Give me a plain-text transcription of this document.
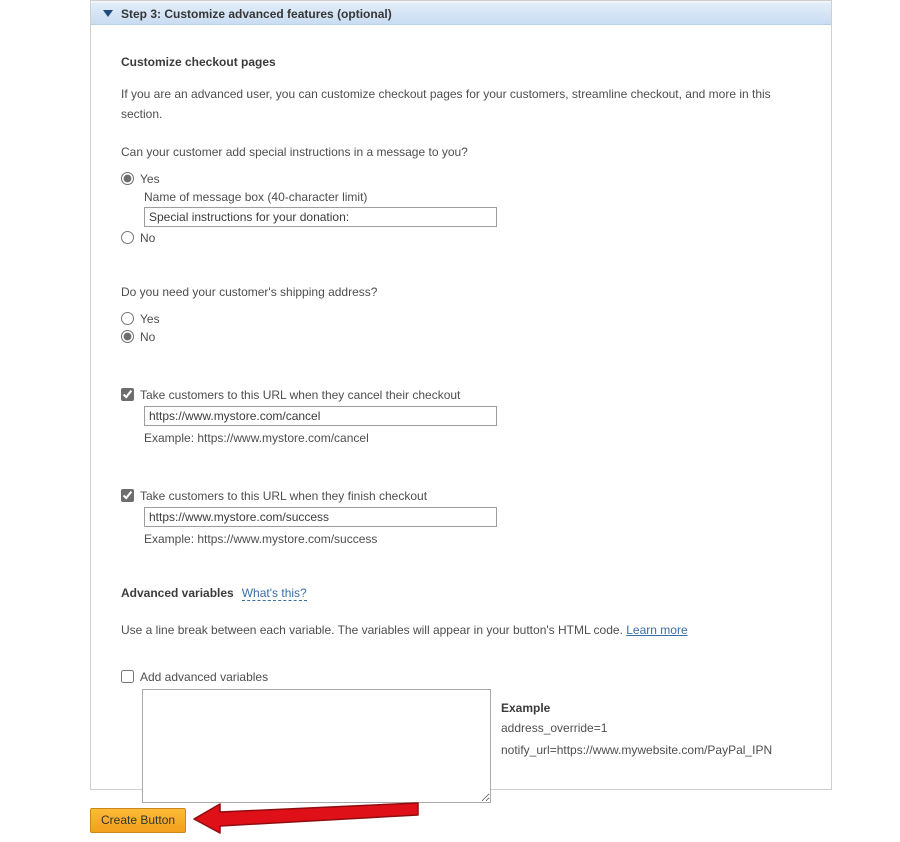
Step 3: Customize advanced features (optional)
Customize checkout pages

If you are an advanced user, you can customize checkout pages for your customers, streamline checkout, and more in this section.

Can your customer add special instructions in a message to you?
Yes
Name of message box (40-character limit)
Special instructions for your donation:
No
Do you need your customer's shipping address?
Yes
No
Take customers to this URL when they cancel their checkout
https://www.mystore.com/cancel
Example: https://www.mystore.com/cancel
Take customers to this URL when they finish checkout
https://www.mystore.com/success
Example: https://www.mystore.com/success
Advanced variables What's this?

Use a line break between each variable. The variables will appear in your button's HTML code. Learn more

Add advanced variables
Example
address_override=1
notify_url=https://www.mywebsite.com/PayPal_IPN
Create Button
